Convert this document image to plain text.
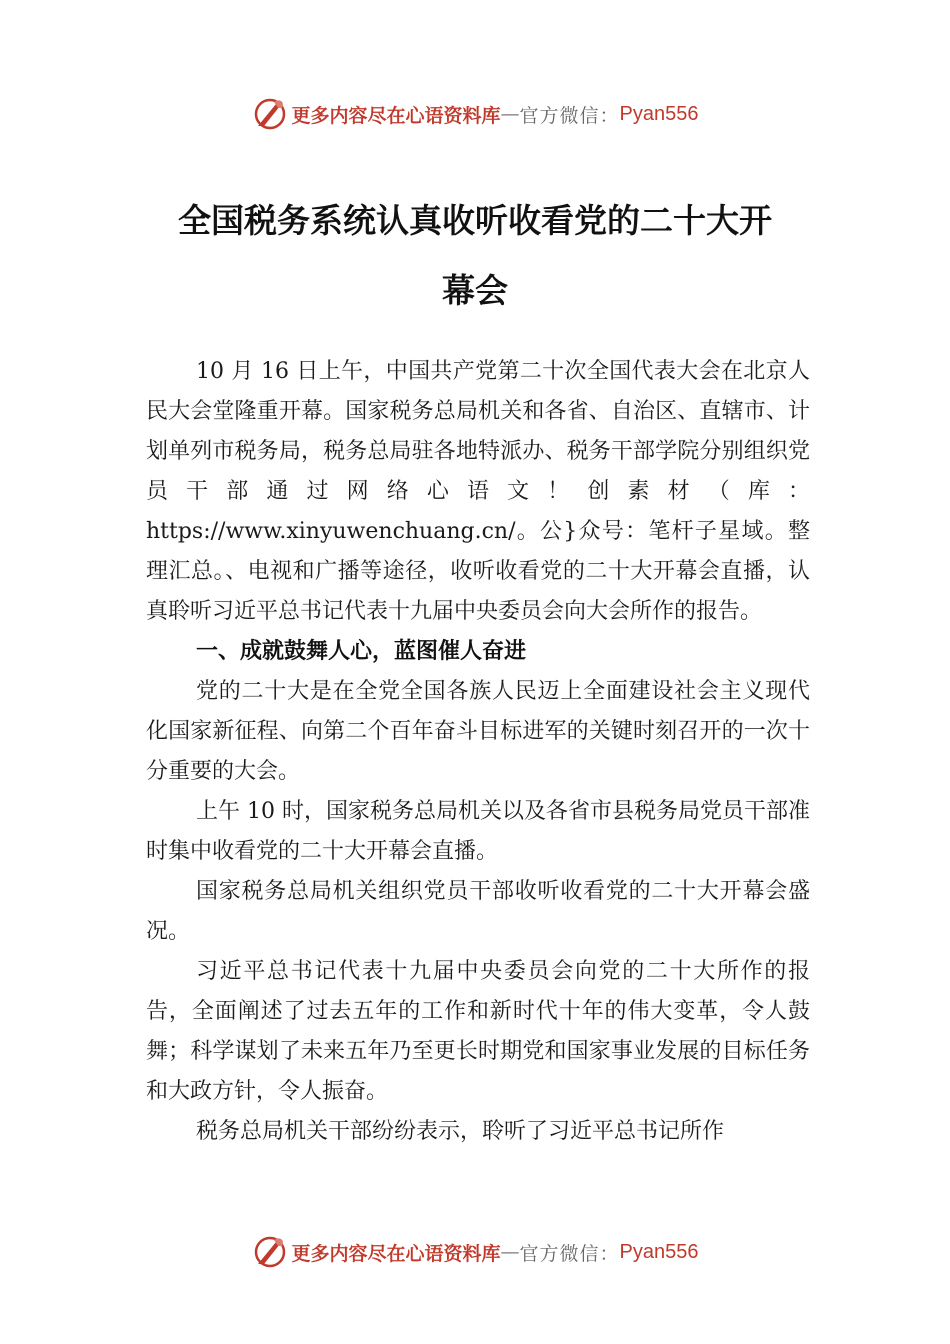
更多内容尽在心语资料库 — 官方微信： Pyan556
全国税务系统认真收听收看党的二十大开
幕会

10 月 16 日上午，中国共产党第二十次全国代表大会在北京人民大会堂隆重开幕。国家税务总局机关和各省、自治区、直辖市、计划单列市税务局，税务总局驻各地特派办、税务干部学院分别组织党员干部通过网络心语文！创素材（库：https://www.xinyuwenchuang.cn/。公}众号：笔杆子星域。整理汇总。、电视和广播等途径，收听收看党的二十大开幕会直播，认真聆听习近平总书记代表十九届中央委员会向大会所作的报告。

一、成就鼓舞人心，蓝图催人奋进

党的二十大是在全党全国各族人民迈上全面建设社会主义现代化国家新征程、向第二个百年奋斗目标进军的关键时刻召开的一次十分重要的大会。

上午 10 时，国家税务总局机关以及各省市县税务局党员干部准时集中收看党的二十大开幕会直播。

国家税务总局机关组织党员干部收听收看党的二十大开幕会盛况。

习近平总书记代表十九届中央委员会向党的二十大所作的报告，全面阐述了过去五年的工作和新时代十年的伟大变革，令人鼓舞；科学谋划了未来五年乃至更长时期党和国家事业发展的目标任务和大政方针，令人振奋。

税务总局机关干部纷纷表示，聆听了习近平总书记所作

更多内容尽在心语资料库 — 官方微信： Pyan556
